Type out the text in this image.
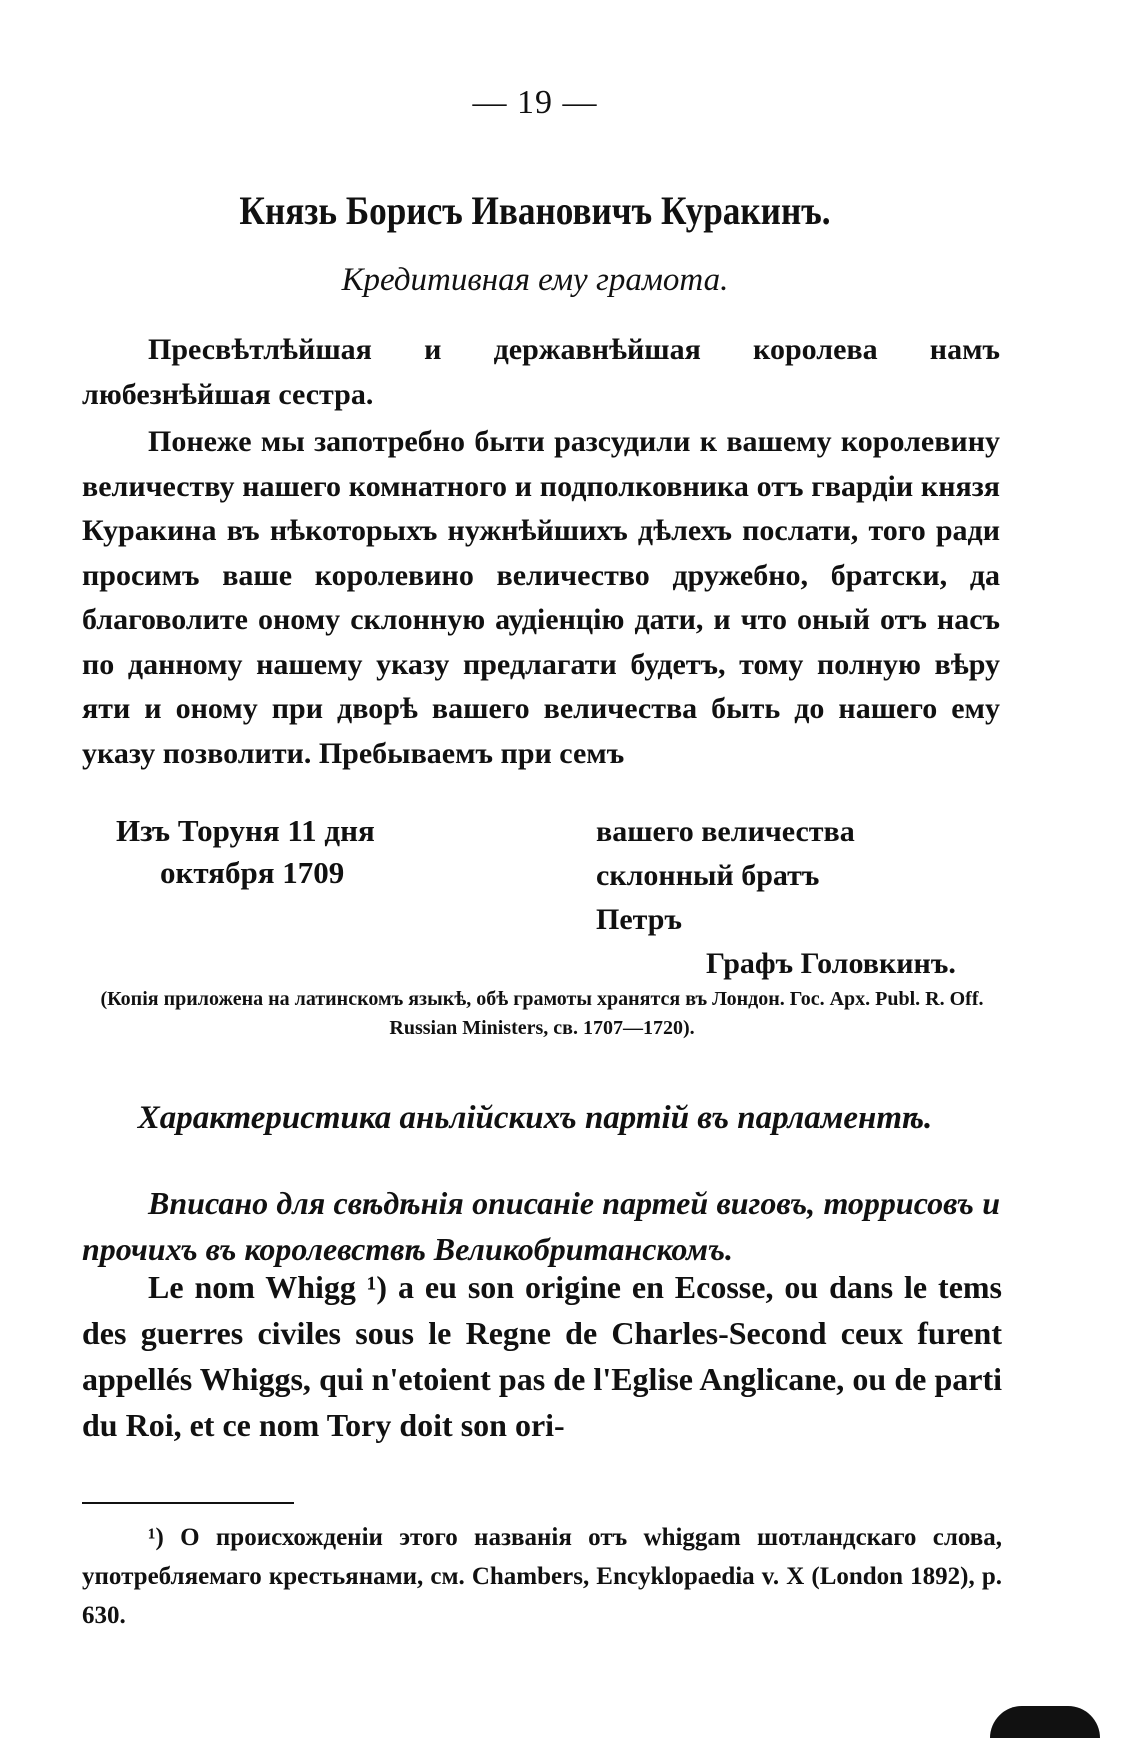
— 19 —
Князь Борисъ Ивановичъ Куракинъ.
Кредитивная ему грамота.
Пресвѣтлѣйшая и державнѣйшая королева намъ любезнѣйшая сестра.
Понеже мы запотребно быти разсудили к вашему королевину величеству нашего комнатного и подполковника отъ гвардіи князя Куракина въ нѣкоторыхъ нужнѣйшихъ дѣлехъ послати, того ради просимъ ваше королевино величество дружебно, братски, да благоволите оному склонную аудіенцію дати, и что оный отъ насъ по данному нашему указу предлагати будетъ, тому полную вѣру яти и оному при дворѣ вашего величества быть до нашего ему указу позволити. Пребываемъ при семъ
Изъ Торуня 11 дня
октября 1709
вашего величества
склонный братъ
Петръ
Графъ Головкинъ.
(Копія приложена на латинскомъ языкѣ, обѣ грамоты хранятся въ Лондон. Гос. Арх. Publ. R. Off. Russian Ministers, св. 1707—1720).
Характеристика аньлійскихъ партій въ парламентѣ.
Вписано для свѣдѣнія описаніе партей виговъ, торрисовъ и прочихъ въ королевствѣ Великобританскомъ.
Le nom Whigg ¹) a eu son origine en Ecosse, ou dans le tems des guerres civiles sous le Regne de Charles-Second ceux furent appellés Whiggs, qui n'etoient pas de l'Eglise Anglicane, ou de parti du Roi, et ce nom Tory doit son ori-
¹) О происхожденіи этого названія отъ whiggam шотландскаго слова, употребляемаго крестьянами, см. Chambers, Encyklopaedia v. X (London 1892), p. 630.
